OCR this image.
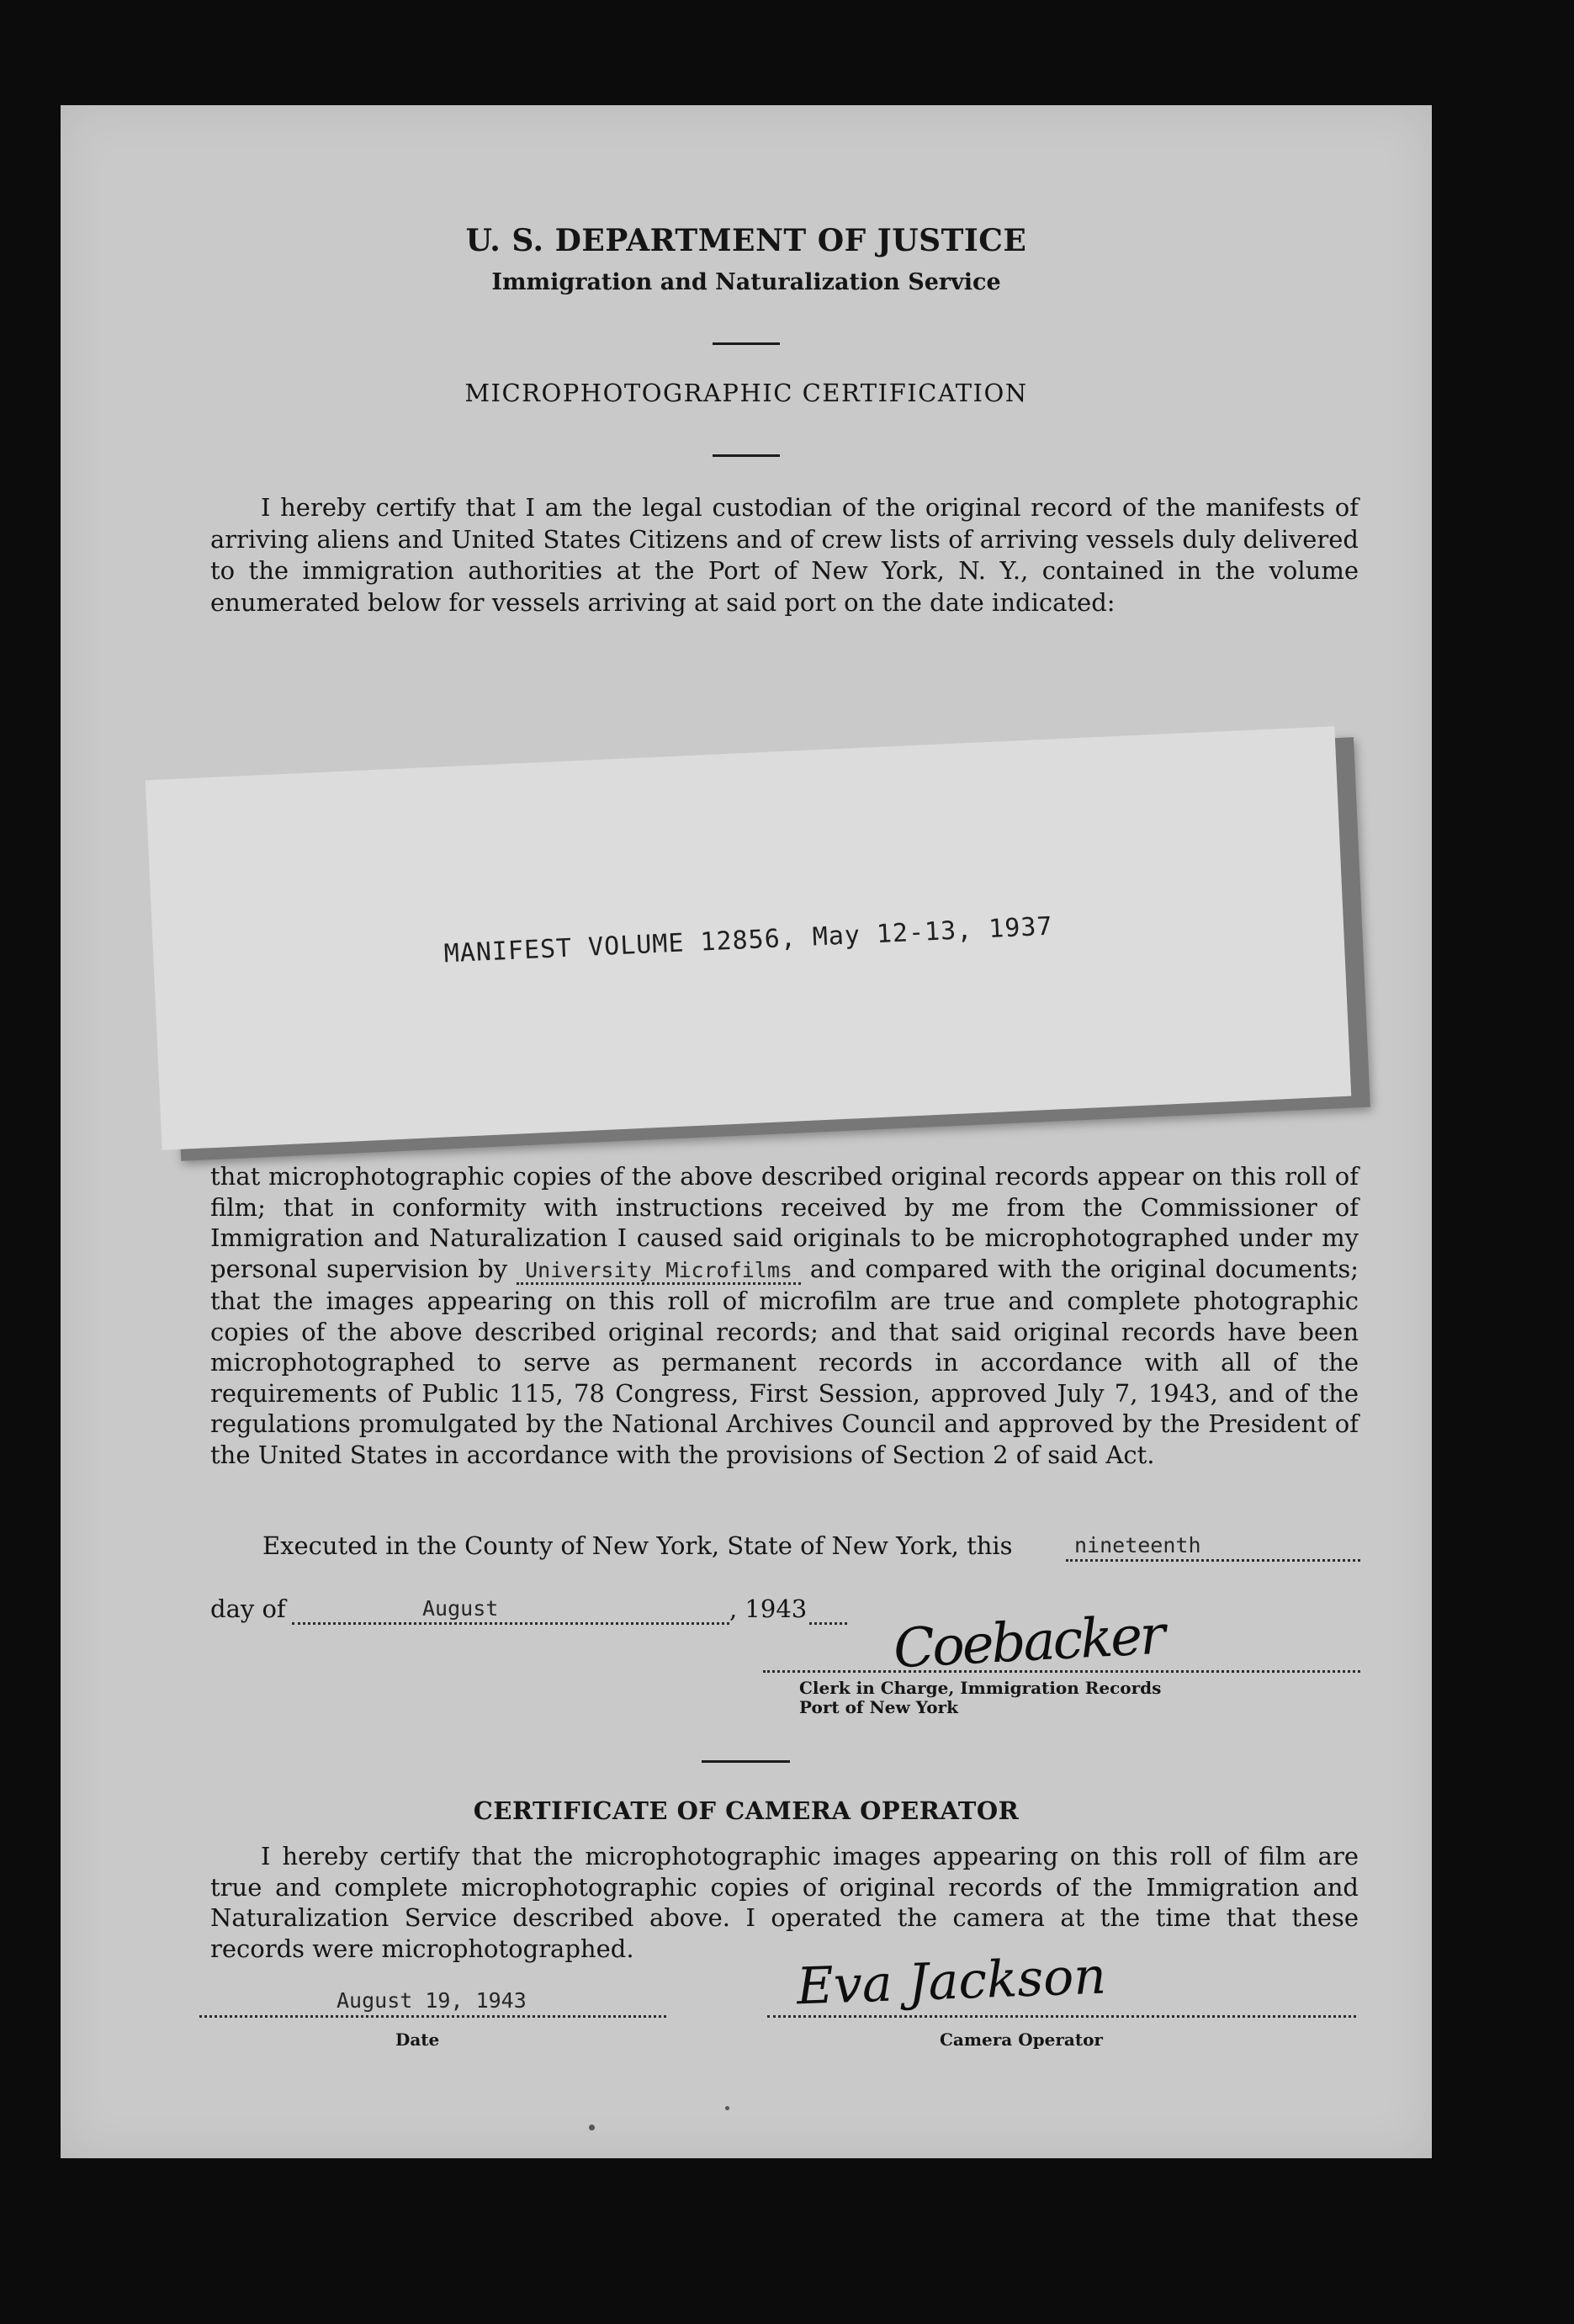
U. S. DEPARTMENT OF JUSTICE
Immigration and Naturalization Service
MICROPHOTOGRAPHIC CERTIFICATION
I hereby certify that I am the legal custodian of the original record of the manifests of arriving aliens and United States Citizens and of crew lists of arriving vessels duly delivered to the immigration authorities at the Port of New York, N. Y., contained in the volume enumerated below for vessels arriving at said port on the date indicated:
MANIFEST VOLUME 12856, May 12-13, 1937
that microphotographic copies of the above described original records appear on this roll of film; that in conformity with instructions received by me from the Commissioner of Immigration and Naturalization I caused said originals to be microphotographed under my personal supervision by University Microfilms and compared with the original documents; that the images appearing on this roll of microfilm are true and complete photographic copies of the above described original records; and that said original records have been microphotographed to serve as permanent records in accordance with all of the requirements of Public 115, 78 Congress, First Session, approved July 7, 1943, and of the regulations promulgated by the National Archives Council and approved by the President of the United States in accordance with the provisions of Section 2 of said Act.
Executed in the County of New York, State of New York, this	nineteenth
day of	August	, 1943 Coebacker
Clerk in Charge, Immigration Records
Port of New York
CERTIFICATE OF CAMERA OPERATOR
I hereby certify that the microphotographic images appearing on this roll of film are true and complete microphotographic copies of original records of the Immigration and Naturalization Service described above. I operated the camera at the time that these records were microphotographed.
August 19, 1943
Date
Eva Jackson
Camera Operator
